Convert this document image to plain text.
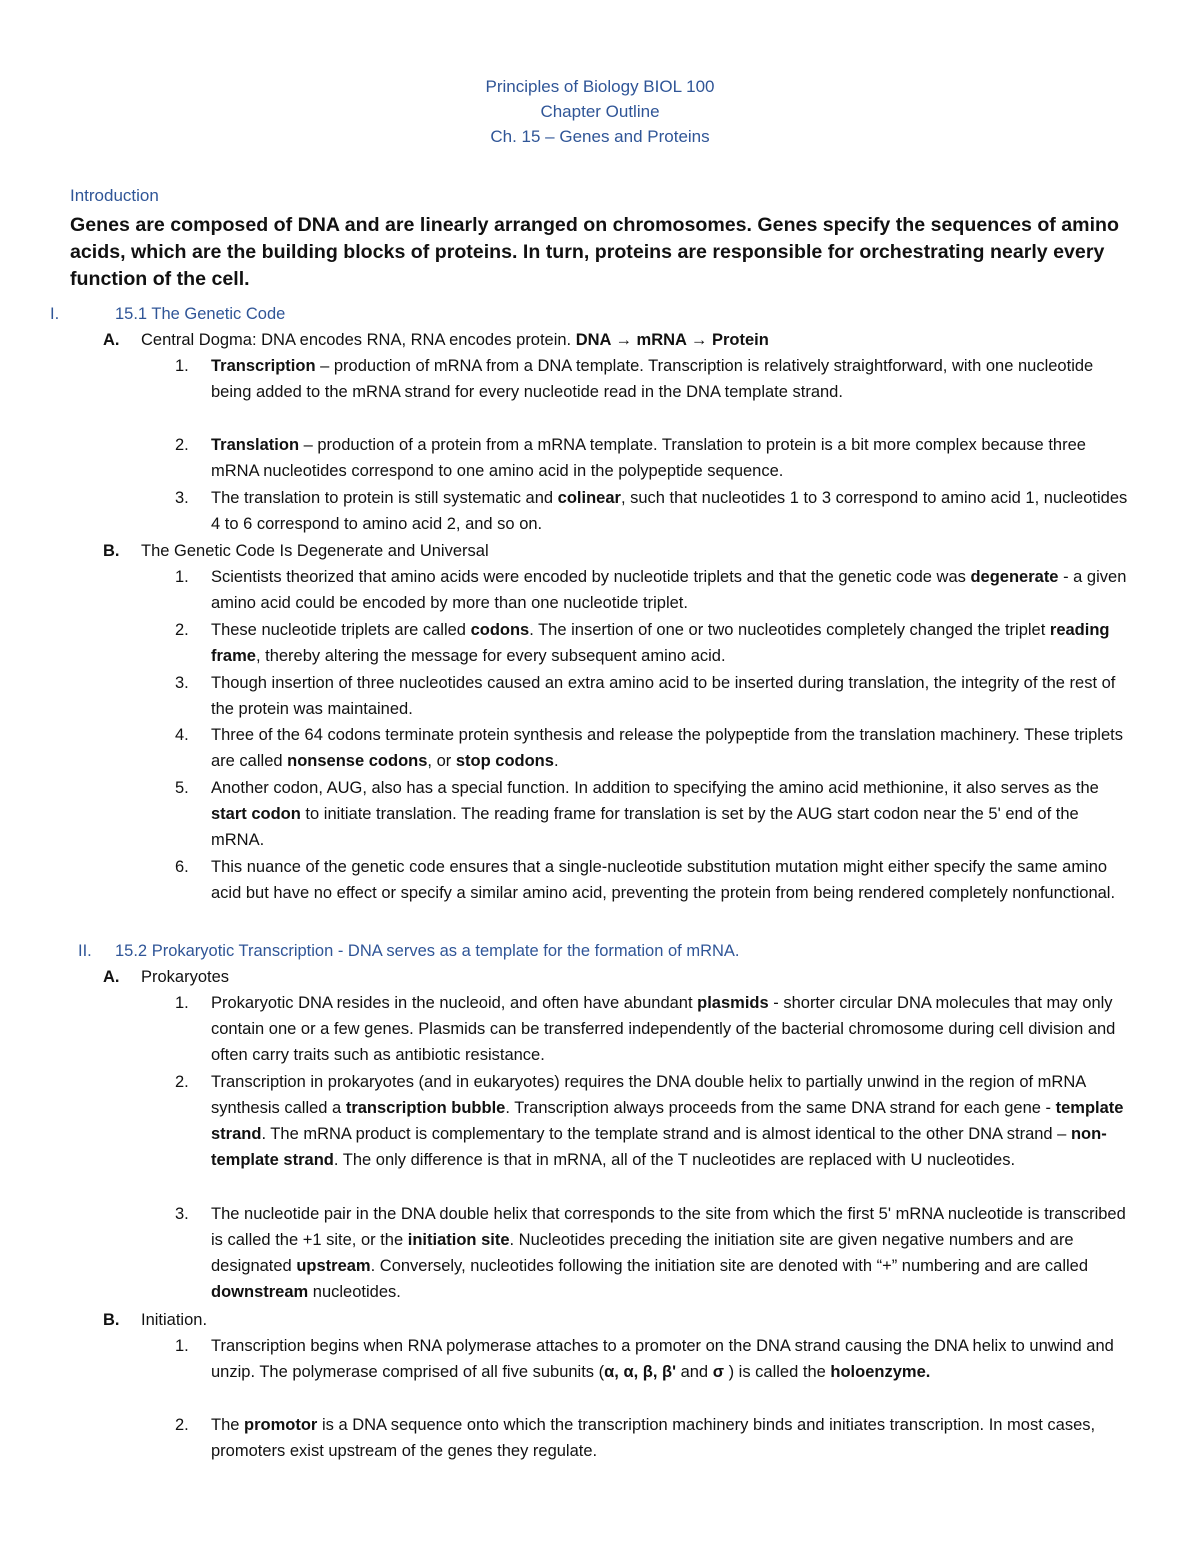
Principles of Biology BIOL 100
Chapter Outline
Ch. 15 – Genes and Proteins
Introduction
Genes are composed of DNA and are linearly arranged on chromosomes. Genes specify the sequences of amino acids, which are the building blocks of proteins. In turn, proteins are responsible for orchestrating nearly every function of the cell.
I.	15.1 The Genetic Code
A. Central Dogma: DNA encodes RNA, RNA encodes protein. DNA → mRNA → Protein
1.	Transcription – production of mRNA from a DNA template. Transcription is relatively straightforward, with one nucleotide being added to the mRNA strand for every nucleotide read in the DNA template strand.
2.	Translation – production of a protein from a mRNA template. Translation to protein is a bit more complex because three mRNA nucleotides correspond to one amino acid in the polypeptide sequence.
3.	The translation to protein is still systematic and colinear, such that nucleotides 1 to 3 correspond to amino acid 1, nucleotides 4 to 6 correspond to amino acid 2, and so on.
B. The Genetic Code Is Degenerate and Universal
1.	Scientists theorized that amino acids were encoded by nucleotide triplets and that the genetic code was degenerate - a given amino acid could be encoded by more than one nucleotide triplet.
2.	These nucleotide triplets are called codons. The insertion of one or two nucleotides completely changed the triplet reading frame, thereby altering the message for every subsequent amino acid.
3.	Though insertion of three nucleotides caused an extra amino acid to be inserted during translation, the integrity of the rest of the protein was maintained.
4.	Three of the 64 codons terminate protein synthesis and release the polypeptide from the translation machinery. These triplets are called nonsense codons, or stop codons.
5.	Another codon, AUG, also has a special function. In addition to specifying the amino acid methionine, it also serves as the start codon to initiate translation. The reading frame for translation is set by the AUG start codon near the 5' end of the mRNA.
6.	This nuance of the genetic code ensures that a single-nucleotide substitution mutation might either specify the same amino acid but have no effect or specify a similar amino acid, preventing the protein from being rendered completely nonfunctional.
II. 15.2 Prokaryotic Transcription - DNA serves as a template for the formation of mRNA.
A. Prokaryotes
1.	Prokaryotic DNA resides in the nucleoid, and often have abundant plasmids - shorter circular DNA molecules that may only contain one or a few genes. Plasmids can be transferred independently of the bacterial chromosome during cell division and often carry traits such as antibiotic resistance.
2.	Transcription in prokaryotes (and in eukaryotes) requires the DNA double helix to partially unwind in the region of mRNA synthesis called a transcription bubble. Transcription always proceeds from the same DNA strand for each gene - template strand. The mRNA product is complementary to the template strand and is almost identical to the other DNA strand – non-template strand. The only difference is that in mRNA, all of the T nucleotides are replaced with U nucleotides.
3.	The nucleotide pair in the DNA double helix that corresponds to the site from which the first 5' mRNA nucleotide is transcribed is called the +1 site, or the initiation site. Nucleotides preceding the initiation site are given negative numbers and are designated upstream. Conversely, nucleotides following the initiation site are denoted with “+” numbering and are called downstream nucleotides.
B. Initiation.
1.	Transcription begins when RNA polymerase attaches to a promoter on the DNA strand causing the DNA helix to unwind and unzip. The polymerase comprised of all five subunits (α, α, β, β' and σ ) is called the holoenzyme.
2.	The promotor is a DNA sequence onto which the transcription machinery binds and initiates transcription. In most cases, promoters exist upstream of the genes they regulate.
